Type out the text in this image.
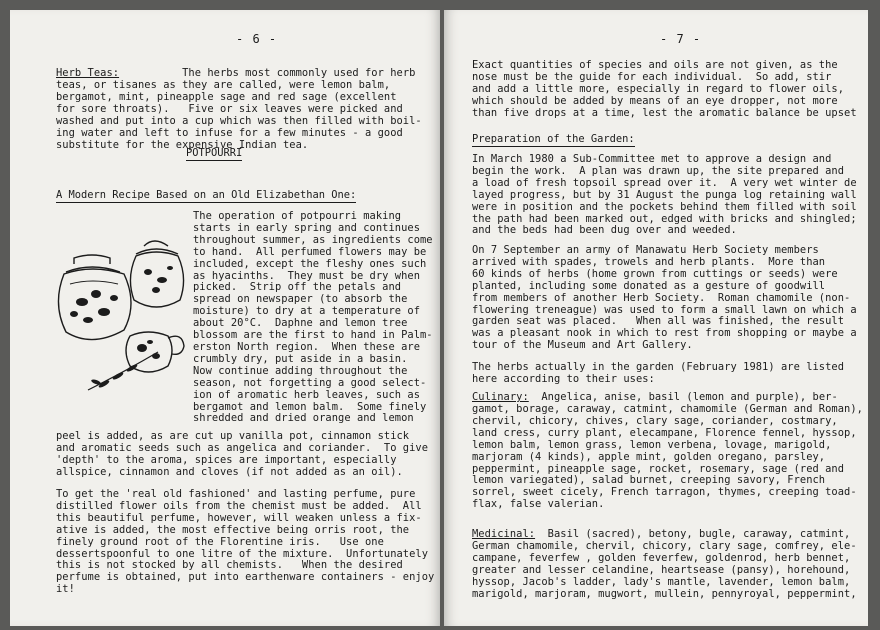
- 6 -
Herb Teas:          The herbs most commonly used for herb
teas, or tisanes as they are called, were lemon balm,
bergamot, mint, pineapple sage and red sage (excellent
for sore throats).   Five or six leaves were picked and
washed and put into a cup which was then filled with boil-
ing water and left to infuse for a few minutes - a good
substitute for the expensive Indian tea.
POTPOURRI
A Modern Recipe Based on an Old Elizabethan One:
The operation of potpourri making
starts in early spring and continues
throughout summer, as ingredients come
to hand.  All perfumed flowers may be
included, except the fleshy ones such
as hyacinths.  They must be dry when
picked.  Strip off the petals and
spread on newspaper (to absorb the
moisture) to dry at a temperature of
about 20°C.  Daphne and lemon tree
blossom are the first to hand in Palm-
erston North region.  When these are
crumbly dry, put aside in a basin.
Now continue adding throughout the
season, not forgetting a good select-
ion of aromatic herb leaves, such as
bergamot and lemon balm.  Some finely
shredded and dried orange and lemon
peel is added, as are cut up vanilla pot, cinnamon stick
and aromatic seeds such as angelica and coriander.  To give
'depth' to the aroma, spices are important, especially
allspice, cinnamon and cloves (if not added as an oil).
To get the 'real old fashioned' and lasting perfume, pure
distilled flower oils from the chemist must be added.  All
this beautiful perfume, however, will weaken unless a fix-
ative is added, the most effective being orris root, the
finely ground root of the Florentine iris.   Use one
dessertspoonful to one litre of the mixture.  Unfortunately
this is not stocked by all chemists.   When the desired
perfume is obtained, put into earthenware containers - enjoy
it!
- 7 -
Exact quantities of species and oils are not given, as the
nose must be the guide for each individual.  So add, stir
and add a little more, especially in regard to flower oils,
which should be added by means of an eye dropper, not more
than five drops at a time, lest the aromatic balance be upset
Preparation of the Garden:
In March 1980 a Sub-Committee met to approve a design and
begin the work.  A plan was drawn up, the site prepared and
a load of fresh topsoil spread over it.  A very wet winter de
layed progress, but by 31 August the punga log retaining wall
were in position and the pockets behind them filled with soil
the path had been marked out, edged with bricks and shingled;
and the beds had been dug over and weeded.
On 7 September an army of Manawatu Herb Society members
arrived with spades, trowels and herb plants.  More than
60 kinds of herbs (home grown from cuttings or seeds) were
planted, including some donated as a gesture of goodwill
from members of another Herb Society.  Roman chamomile (non-
flowering treneague) was used to form a small lawn on which a
garden seat was placed.   When all was finished, the result
was a pleasant nook in which to rest from shopping or maybe a
tour of the Museum and Art Gallery.
The herbs actually in the garden (February 1981) are listed
here according to their uses:
Culinary:  Angelica, anise, basil (lemon and purple), ber-
gamot, borage, caraway, catmint, chamomile (German and Roman),
chervil, chicory, chives, clary sage, coriander, costmary,
land cress, curry plant, elecampane, Florence fennel, hyssop,
lemon balm, lemon grass, lemon verbena, lovage, marigold,
marjoram (4 kinds), apple mint, golden oregano, parsley,
peppermint, pineapple sage, rocket, rosemary, sage (red and
lemon variegated), salad burnet, creeping savory, French
sorrel, sweet cicely, French tarragon, thymes, creeping toad-
flax, false valerian.
Medicinal:  Basil (sacred), betony, bugle, caraway, catmint,
German chamomile, chervil, chicory, clary sage, comfrey, ele-
campane, feverfew , golden feverfew, goldenrod, herb bennet,
greater and lesser celandine, heartsease (pansy), horehound,
hyssop, Jacob's ladder, lady's mantle, lavender, lemon balm,
marigold, marjoram, mugwort, mullein, pennyroyal, peppermint,
